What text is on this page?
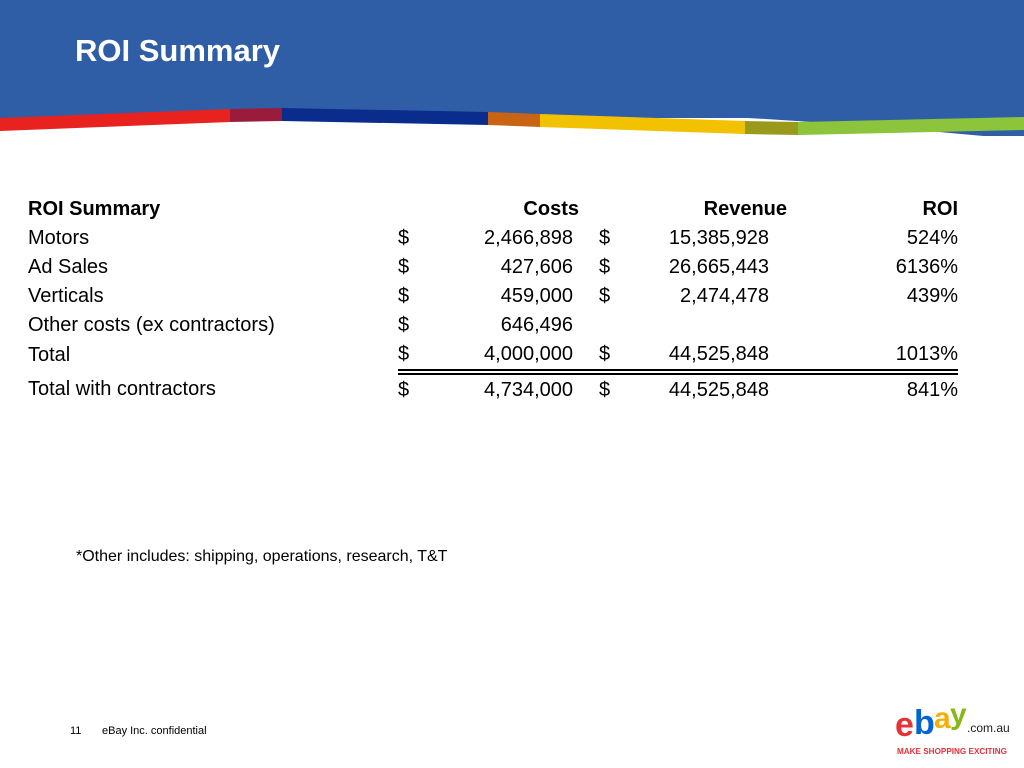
ROI Summary
ROI Summary		Costs		Revenue	ROI
Motors	$	2,466,898	$	15,385,928	524%
Ad Sales	$	427,606	$	26,665,443	6136%
Verticals	$	459,000	$	2,474,478	439%
Other costs (ex contractors)	$	646,496			
Total	$	4,000,000	$	44,525,848	1013%

Total with contractors	$	4,734,000	$	44,525,848	841%
*Other includes: shipping, operations, research, T&T
11 eBay Inc. confidential	e b a y .com.au
MAKE SHOPPING EXCITING
